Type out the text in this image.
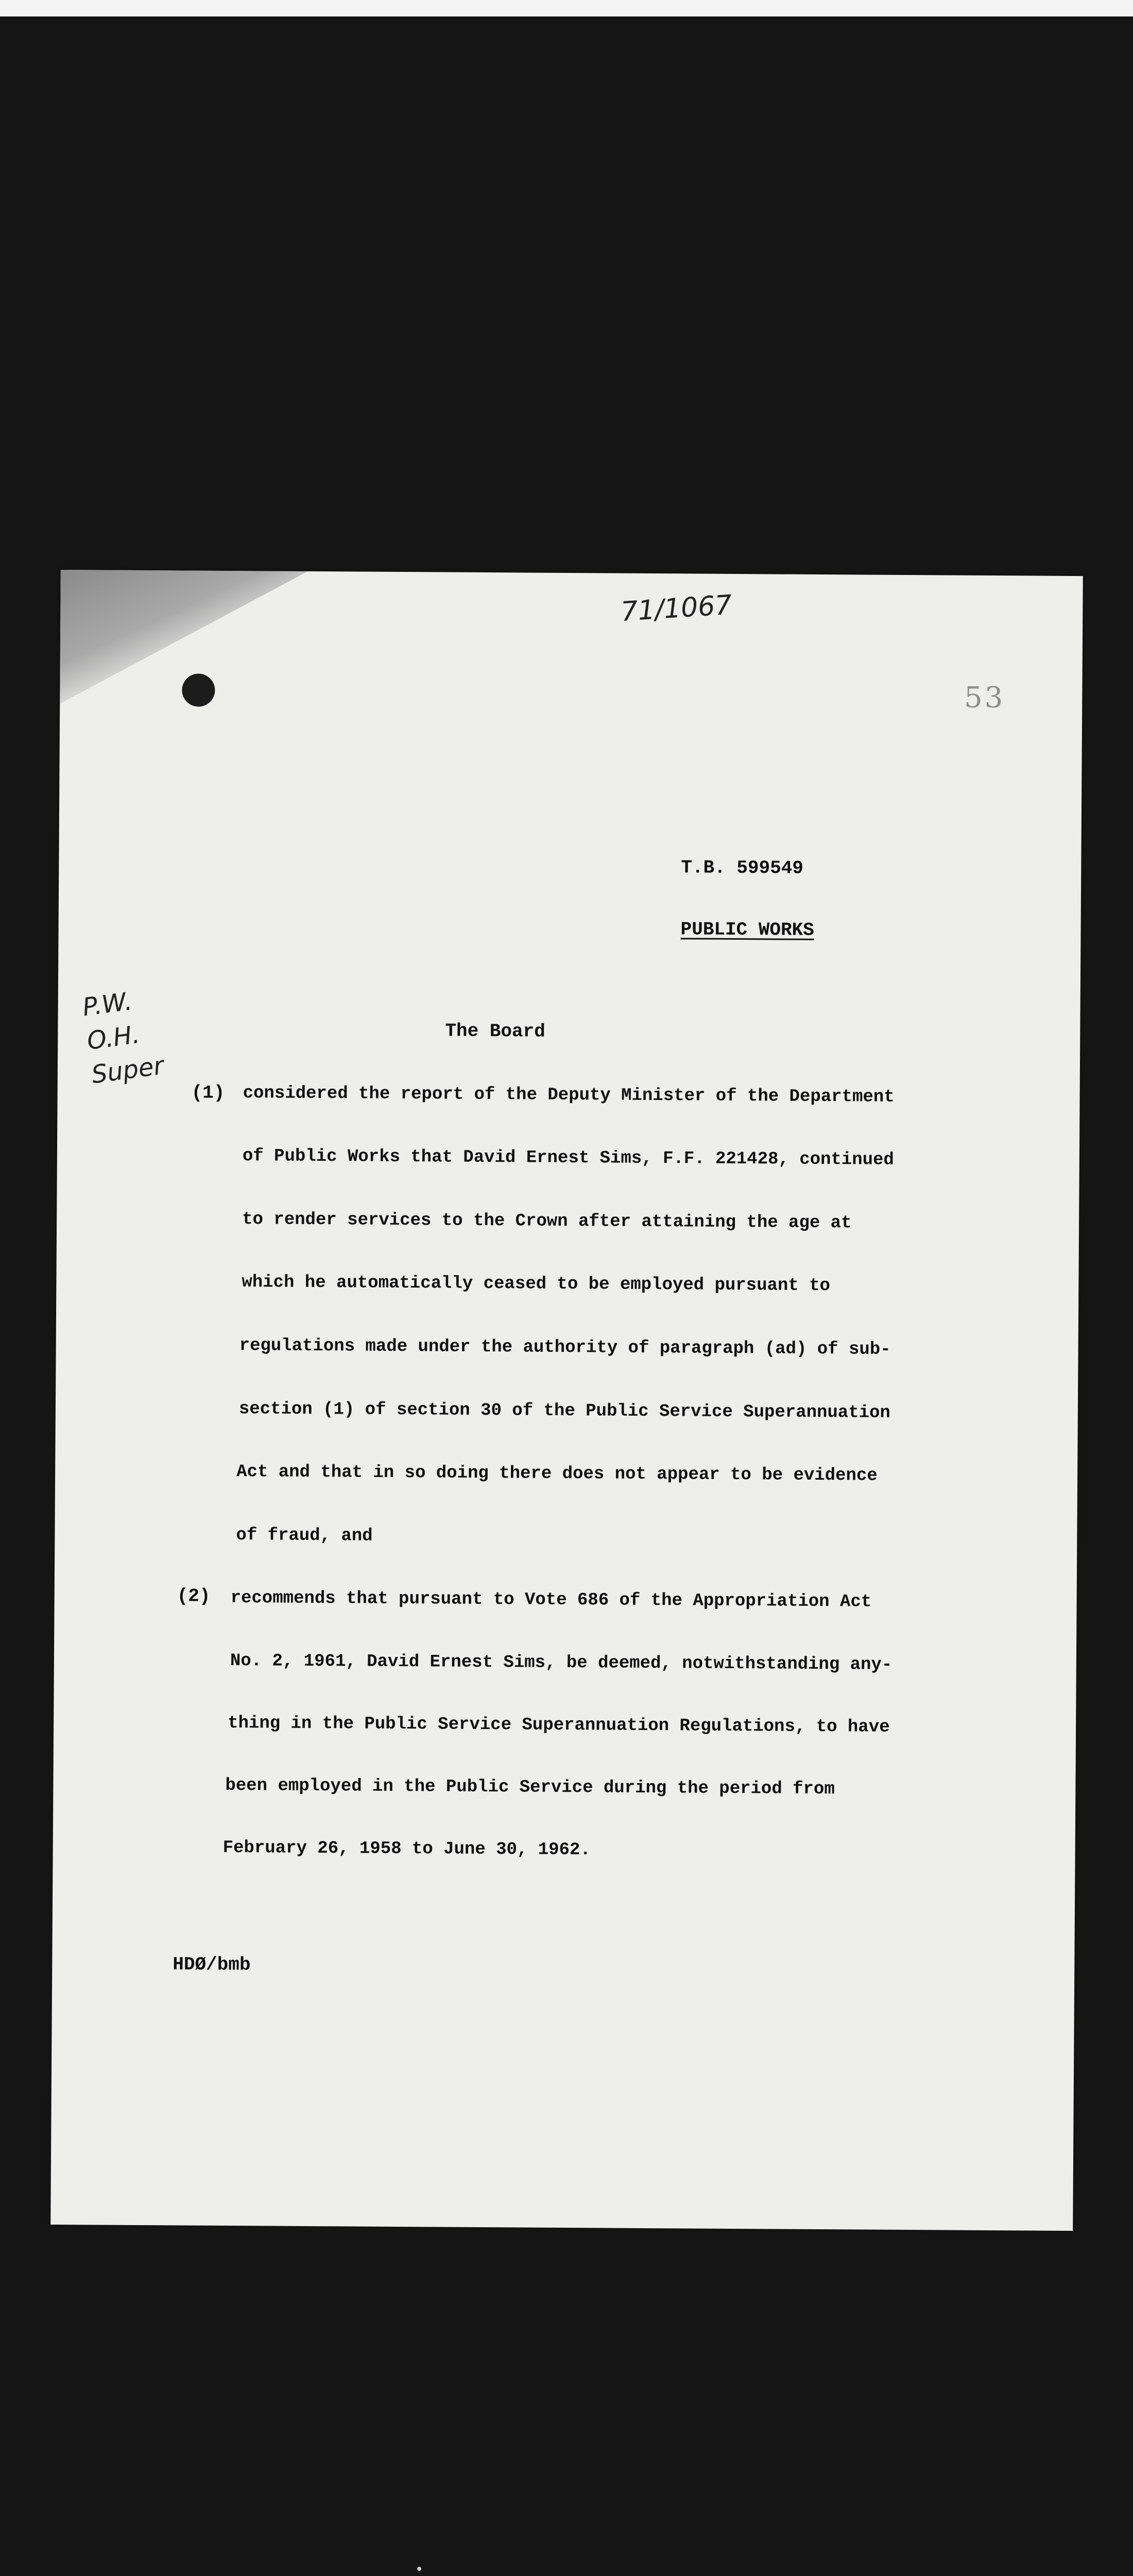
71/1067
53
P.W.
O.H.
Super
T.B. 599549
PUBLIC WORKS
The Board
(1) considered the report of the Deputy Minister of the Department
of Public Works that David Ernest Sims, F.F. 221428, continued
to render services to the Crown after attaining the age at
which he automatically ceased to be employed pursuant to
regulations made under the authority of paragraph (ad) of sub-
section (1) of section 30 of the Public Service Superannuation
Act and that in so doing there does not appear to be evidence
of fraud, and
(2) recommends that pursuant to Vote 686 of the Appropriation Act
No. 2, 1961, David Ernest Sims, be deemed, notwithstanding any-
thing in the Public Service Superannuation Regulations, to have
been employed in the Public Service during the period from
February 26, 1958 to June 30, 1962.
HDØ/bmb
